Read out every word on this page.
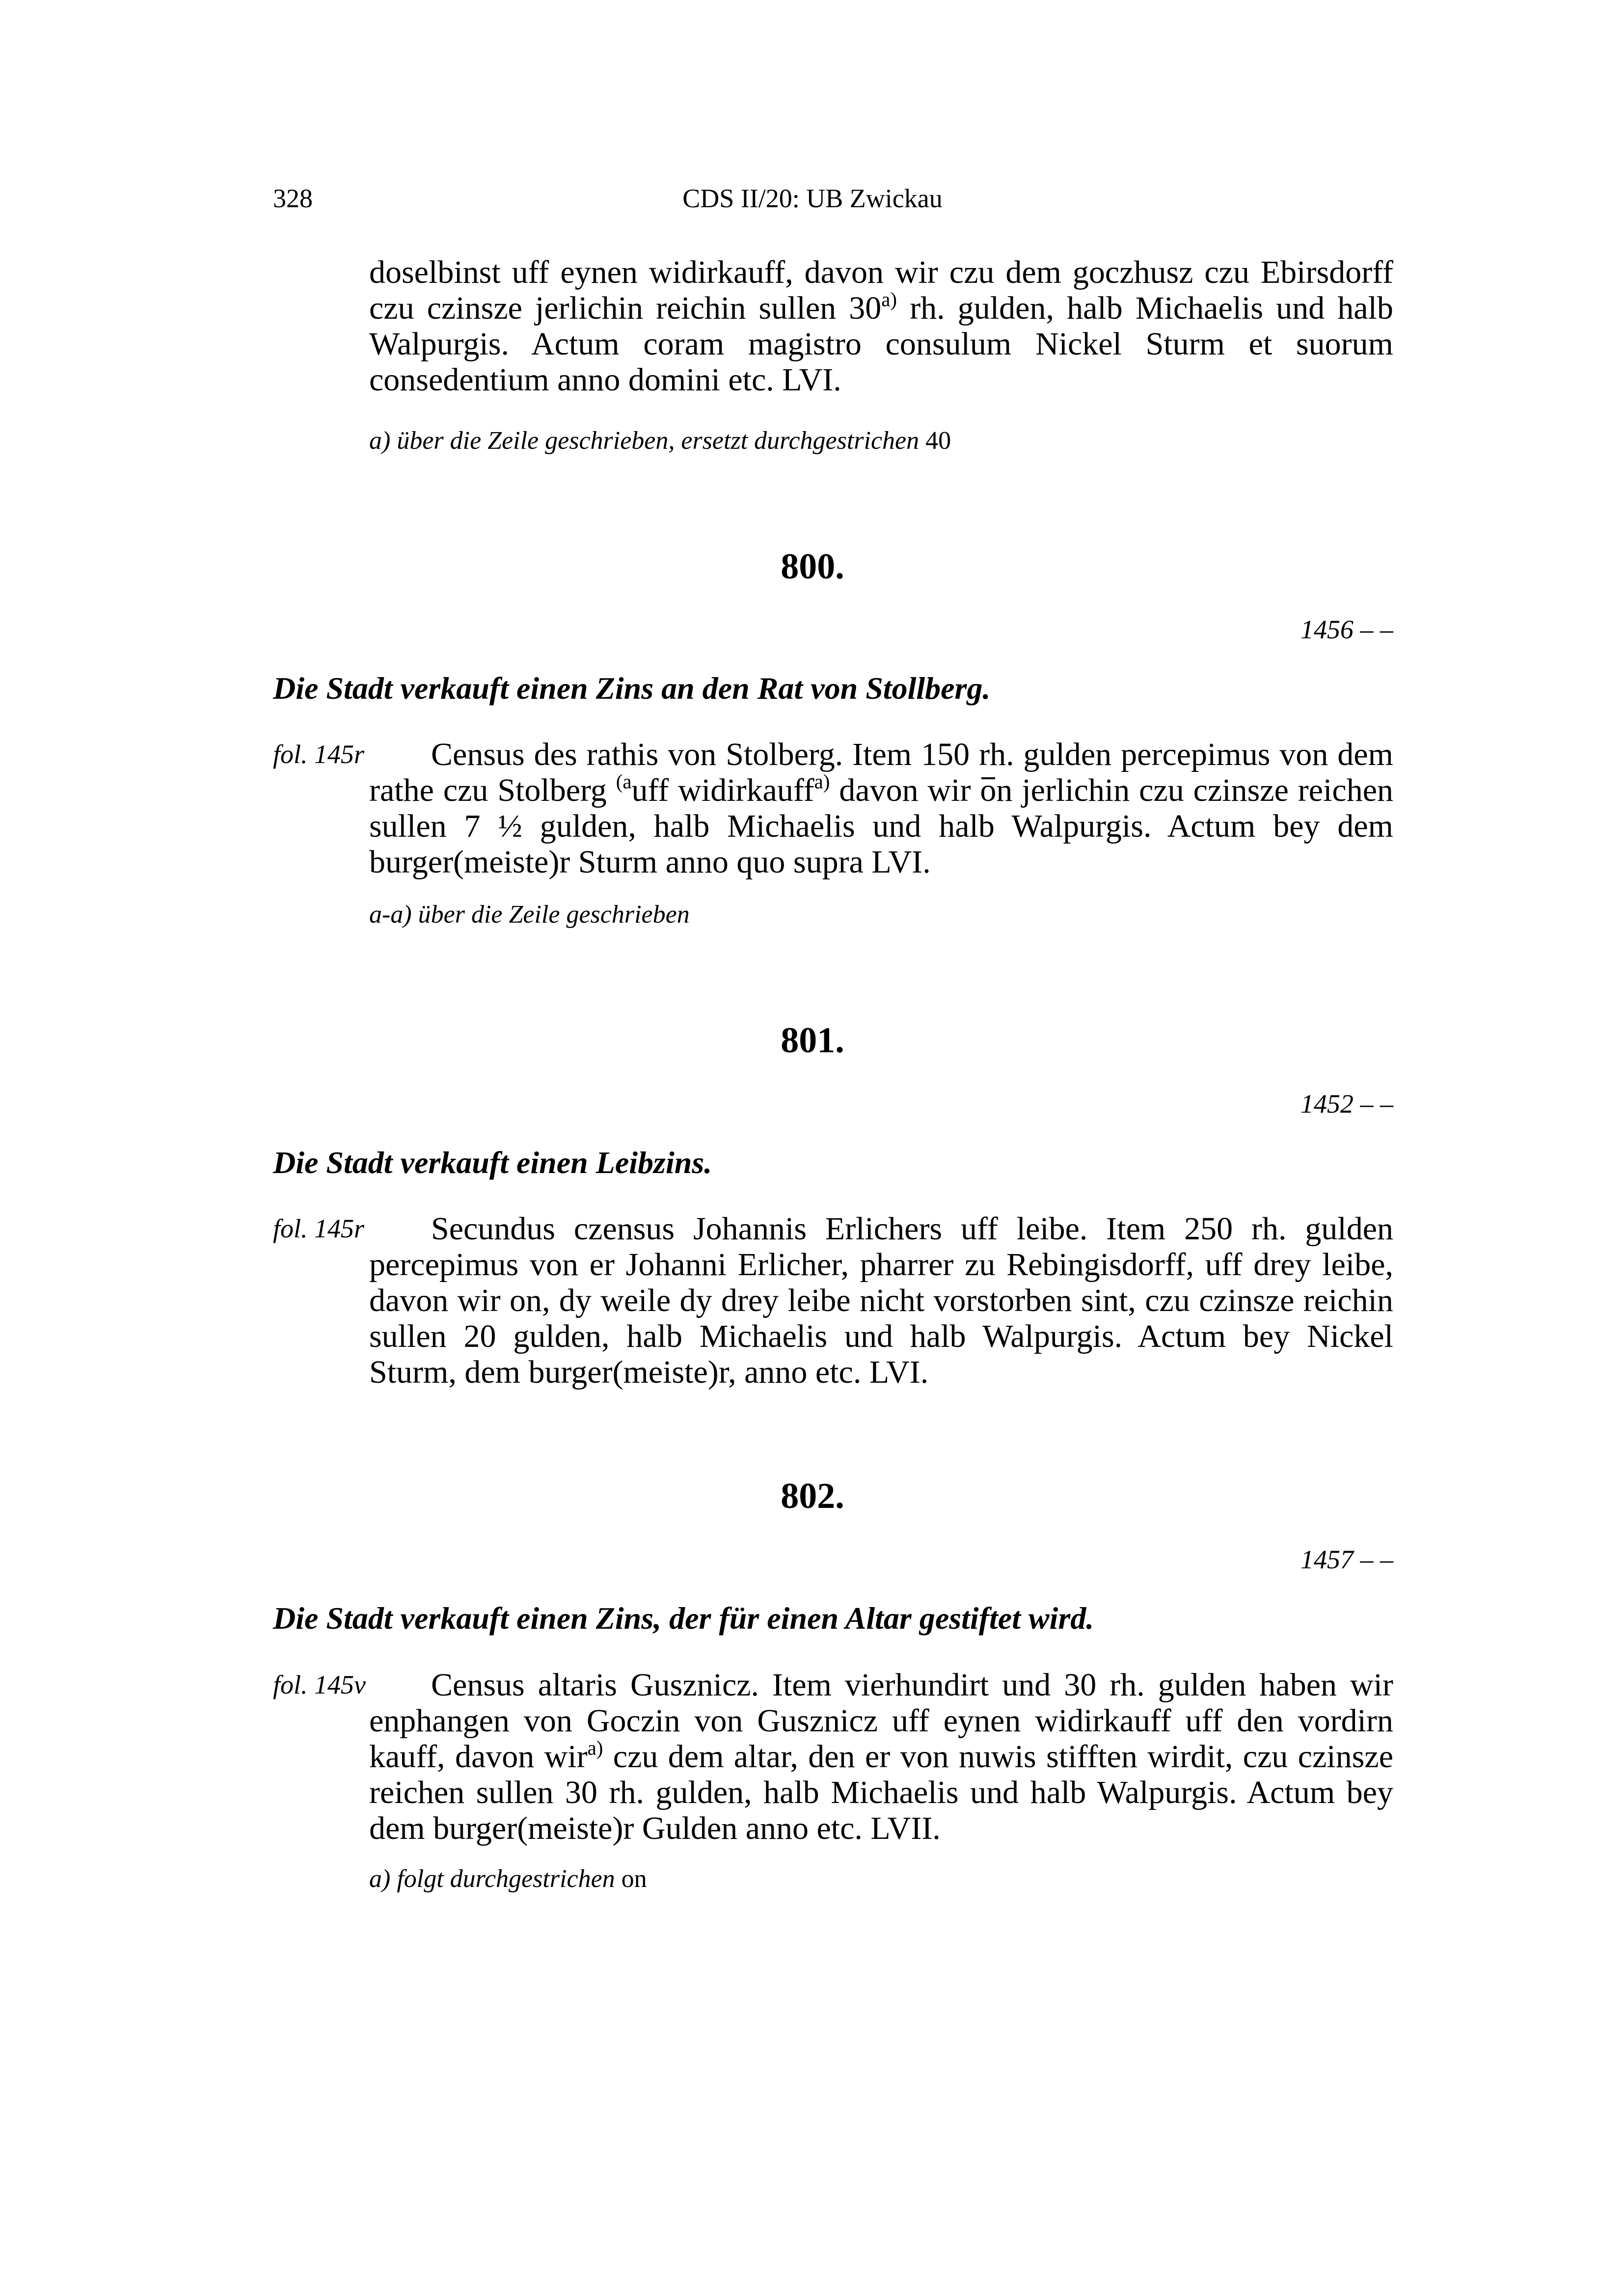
328	CDS II/20: UB Zwickau

doselbinst uff eynen widirkauff, davon wir czu dem goczhusz czu Ebirsdorff czu czinsze jerlichin reichin sullen 30$^{a)}$ rh. gulden, halb Michaelis und halb Walpurgis. Actum coram magistro consulum Nickel Sturm et suorum consedentium anno domini etc. LVI.

a) über die Zeile geschrieben, ersetzt durchgestrichen 40

800.
1456 – –
Die Stadt verkauft einen Zins an den Rat von Stollberg.
fol. 145r	Census des rathis von Stolberg. Item 150 rh. gulden percepimus von dem rathe czu Stolberg $^{(a}$uff widirkauff$^{a)}$ davon wir on jerlichin czu czinsze reichen sullen 7 ½ gulden, halb Michaelis und halb Walpurgis. Actum bey dem burger(meiste)r Sturm anno quo supra LVI.

a-a) über die Zeile geschrieben

801.
1452 – –
Die Stadt verkauft einen Leibzins.
fol. 145r	Secundus czensus Johannis Erlichers uff leibe. Item 250 rh. gulden percepimus von er Johanni Erlicher, pharrer zu Rebingisdorff, uff drey leibe, davon wir on, dy weile dy drey leibe nicht vorstorben sint, czu czinsze reichin sullen 20 gulden, halb Michaelis und halb Walpurgis. Actum bey Nickel Sturm, dem burger(meiste)r, anno etc. LVI.

802.
1457 – –
Die Stadt verkauft einen Zins, der für einen Altar gestiftet wird.
fol. 145v	Census altaris Gusznicz. Item vierhundirt und 30 rh. gulden haben wir enphangen von Goczin von Gusznicz uff eynen widirkauff uff den vordirn kauff, davon wir$^{a)}$ czu dem altar, den er von nuwis stifften wirdit, czu czinsze reichen sullen 30 rh. gulden, halb Michaelis und halb Walpurgis. Actum bey dem burger(meiste)r Gulden anno etc. LVII.

a) folgt durchgestrichen on
